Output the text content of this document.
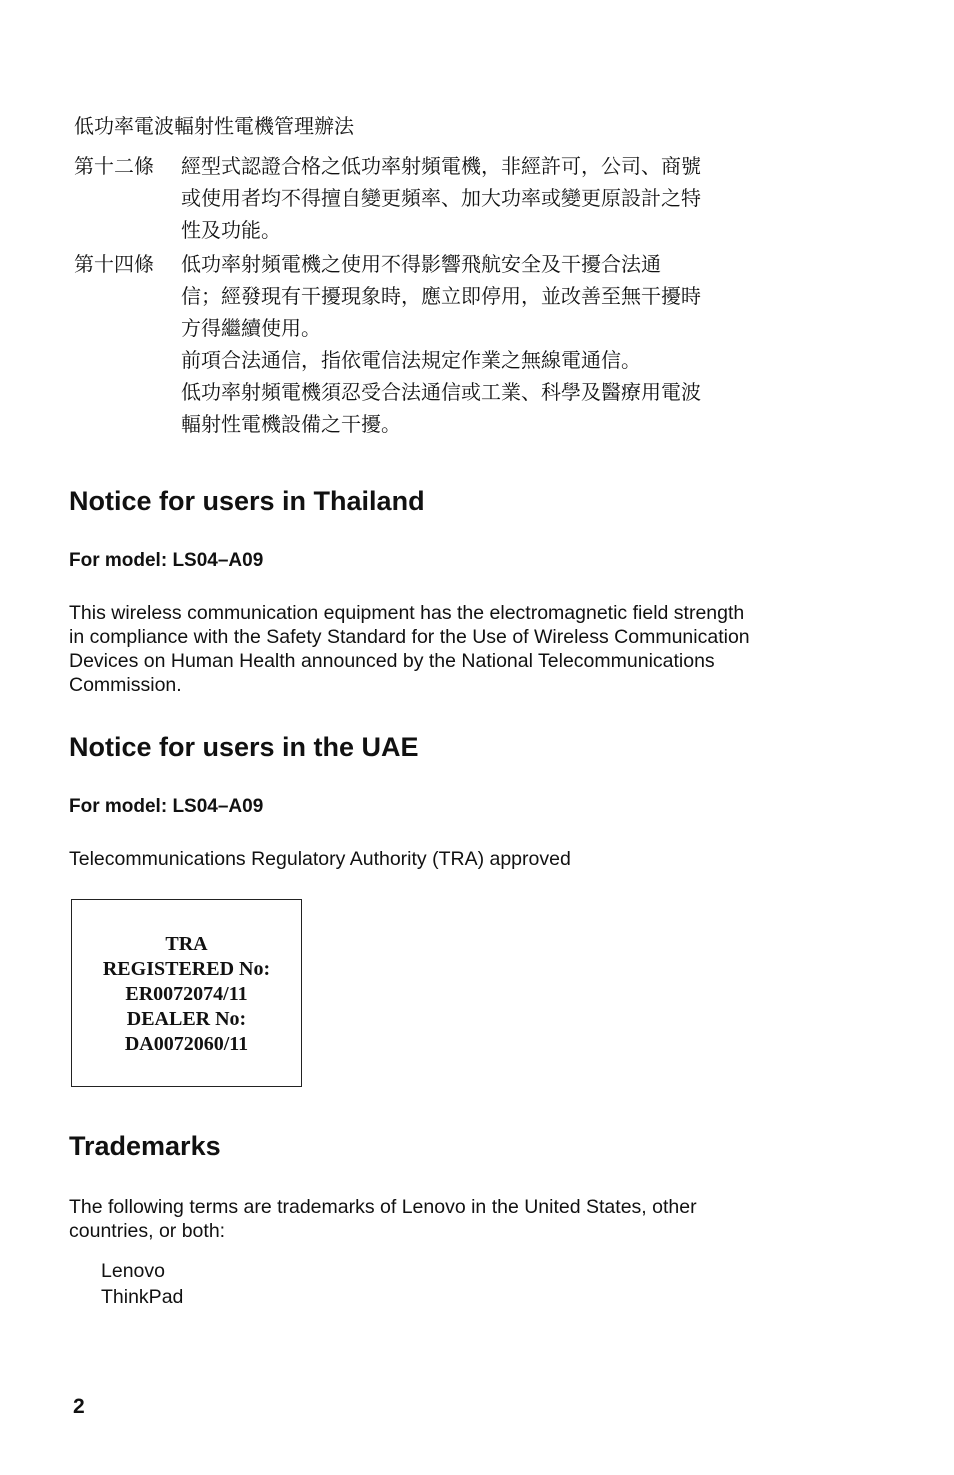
低功率電波輻射性電機管理辦法
第十二條	經型式認證合格之低功率射頻電機，非經許可，公司、商號
或使用者均不得擅自變更頻率、加大功率或變更原設計之特
性及功能。
第十四條	低功率射頻電機之使用不得影響飛航安全及干擾合法通
信；經發現有干擾現象時，應立即停用，並改善至無干擾時
方得繼續使用。
前項合法通信，指依電信法規定作業之無線電通信。
低功率射頻電機須忍受合法通信或工業、科學及醫療用電波
輻射性電機設備之干擾。
Notice for users in Thailand
For model: LS04–A09

This wireless communication equipment has the electromagnetic field strength
in compliance with the Safety Standard for the Use of Wireless Communication
Devices on Human Health announced by the National Telecommunications
Commission.

Notice for users in the UAE
For model: LS04–A09

Telecommunications Regulatory Authority (TRA) approved

TRA
REGISTERED No:
ER0072074/11
DEALER No:
DA0072060/11
Trademarks

The following terms are trademarks of Lenovo in the United States, other
countries, or both:

Lenovo
ThinkPad
2
